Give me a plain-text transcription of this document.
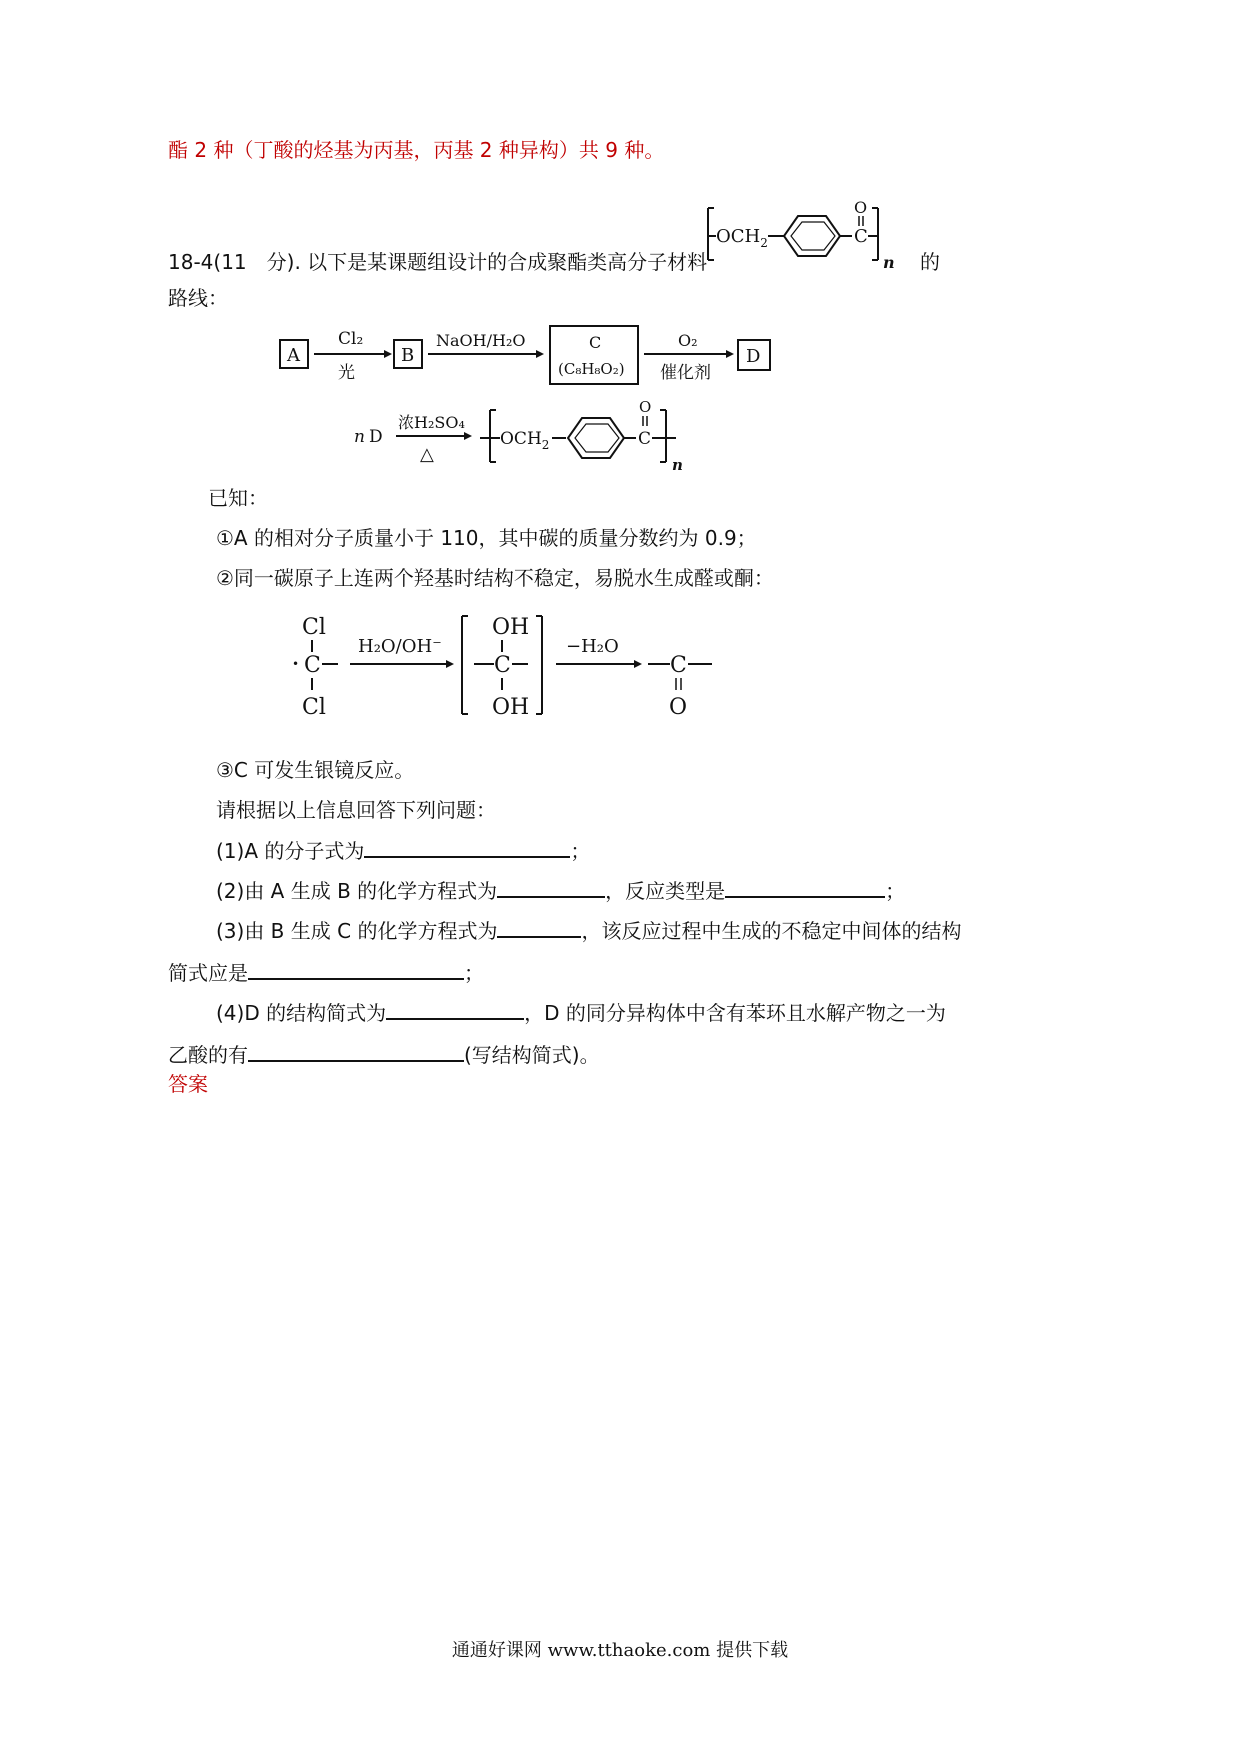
酯 2 种（丁酸的烃基为丙基，丙基 2 种异构）共 9 种。
18-4(11　分). 以下是某课题组设计的合成聚酯类高分子材料	的
路线：
$OCH_2$	C
O
n
A
Cl₂
光
B
NaOH/H₂O	C
(C₈H₈O₂)
O₂
催化剂
D
n D
浓H₂SO₄
△
$OCH_2$	C
O
n
已知：
①A 的相对分子质量小于 110，其中碳的质量分数约为 0.9；
②同一碳原子上连两个羟基时结构不稳定，易脱水生成醛或酮：
Cl
• C
Cl
H₂O/OH⁻
OH
C
OH
−H₂O
C
O
③C 可发生银镜反应。
请根据以上信息回答下列问题：
(1)A 的分子式为	；
(2)由 A 生成 B 的化学方程式为	，反应类型是	；
(3)由 B 生成 C 的化学方程式为	，该反应过程中生成的不稳定中间体的结构
简式应是	；
(4)D 的结构简式为	，D 的同分异构体中含有苯环且水解产物之一为
乙酸的有	(写结构简式)。
答案
通通好课网 www.tthaoke.com 提供下载
